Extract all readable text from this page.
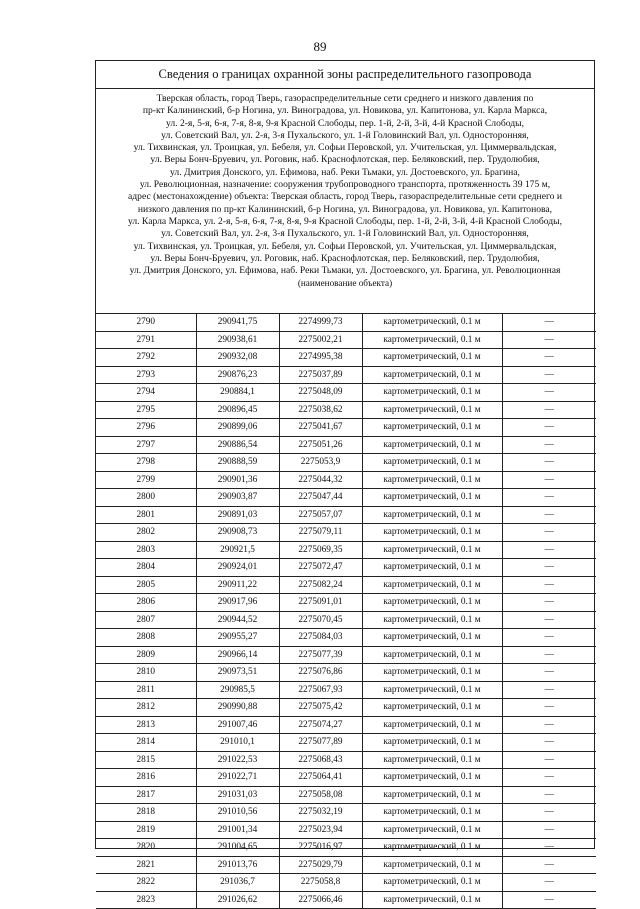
89
Сведения о границах охранной зоны распределительного газопровода
Тверская область, город Тверь, газораспределительные сети среднего и низкого давления по
пр-кт Калининский, б-р Ногина, ул. Виноградова, ул. Новикова, ул. Капитонова, ул. Карла Маркса,
ул. 2-я, 5-я, 6-я, 7-я, 8-я, 9-я Красной Слободы, пер. 1-й, 2-й, 3-й, 4-й Красной Слободы,
ул. Советский Вал, ул. 2-я, 3-я Пухальского, ул. 1-й Головинский Вал, ул. Односторонняя,
ул. Тихвинская, ул. Троицкая, ул. Бебеля, ул. Софьи Перовской, ул. Учительская, ул. Циммервальдская,
ул. Веры Бонч-Бруевич, ул. Роговик, наб. Краснофлотская, пер. Беляковский, пер. Трудолюбия,
ул. Дмитрия Донского, ул. Ефимова, наб. Реки Тьмаки, ул. Достоевского, ул. Брагина,
ул. Революционная, назначение: сооружения трубопроводного транспорта, протяженность 39 175 м,
адрес (местонахождение) объекта: Тверская область, город Тверь, газораспределительные сети среднего и
низкого давления по пр-кт Калининский, б-р Ногина, ул. Виноградова, ул. Новикова, ул. Капитонова,
ул. Карла Маркса, ул. 2-я, 5-я, 6-я, 7-я, 8-я, 9-я Красной Слободы, пер. 1-й, 2-й, 3-й, 4-й Красной Слободы,
ул. Советский Вал, ул. 2-я, 3-я Пухальского, ул. 1-й Головинский Вал, ул. Односторонняя,
ул. Тихвинская, ул. Троицкая, ул. Бебеля, ул. Софьи Перовской, ул. Учительская, ул. Циммервальдская,
ул. Веры Бонч-Бруевич, ул. Роговик, наб. Краснофлотская, пер. Беляковский, пер. Трудолюбия,
ул. Дмитрия Донского, ул. Ефимова, наб. Реки Тьмаки, ул. Достоевского, ул. Брагина, ул. Революционная
(наименование объекта)
2790	290941,75	2274999,73	картометрический, 0.1 м	—
2791	290938,61	2275002,21	картометрический, 0.1 м	—
2792	290932,08	2274995,38	картометрический, 0.1 м	—
2793	290876,23	2275037,89	картометрический, 0.1 м	—
2794	290884,1	2275048,09	картометрический, 0.1 м	—
2795	290896,45	2275038,62	картометрический, 0.1 м	—
2796	290899,06	2275041,67	картометрический, 0.1 м	—
2797	290886,54	2275051,26	картометрический, 0.1 м	—
2798	290888,59	2275053,9	картометрический, 0.1 м	—
2799	290901,36	2275044,32	картометрический, 0.1 м	—
2800	290903,87	2275047,44	картометрический, 0.1 м	—
2801	290891,03	2275057,07	картометрический, 0.1 м	—
2802	290908,73	2275079,11	картометрический, 0.1 м	—
2803	290921,5	2275069,35	картометрический, 0.1 м	—
2804	290924,01	2275072,47	картометрический, 0.1 м	—
2805	290911,22	2275082,24	картометрический, 0.1 м	—
2806	290917,96	2275091,01	картометрический, 0.1 м	—
2807	290944,52	2275070,45	картометрический, 0.1 м	—
2808	290955,27	2275084,03	картометрический, 0.1 м	—
2809	290966,14	2275077,39	картометрический, 0.1 м	—
2810	290973,51	2275076,86	картометрический, 0.1 м	—
2811	290985,5	2275067,93	картометрический, 0.1 м	—
2812	290990,88	2275075,42	картометрический, 0.1 м	—
2813	291007,46	2275074,27	картометрический, 0.1 м	—
2814	291010,1	2275077,89	картометрический, 0.1 м	—
2815	291022,53	2275068,43	картометрический, 0.1 м	—
2816	291022,71	2275064,41	картометрический, 0.1 м	—
2817	291031,03	2275058,08	картометрический, 0.1 м	—
2818	291010,56	2275032,19	картометрический, 0.1 м	—
2819	291001,34	2275023,94	картометрический, 0.1 м	—
2820	291004,65	2275016,97	картометрический, 0.1 м	—
2821	291013,76	2275029,79	картометрический, 0.1 м	—
2822	291036,7	2275058,8	картометрический, 0.1 м	—
2823	291026,62	2275066,46	картометрический, 0.1 м	—
